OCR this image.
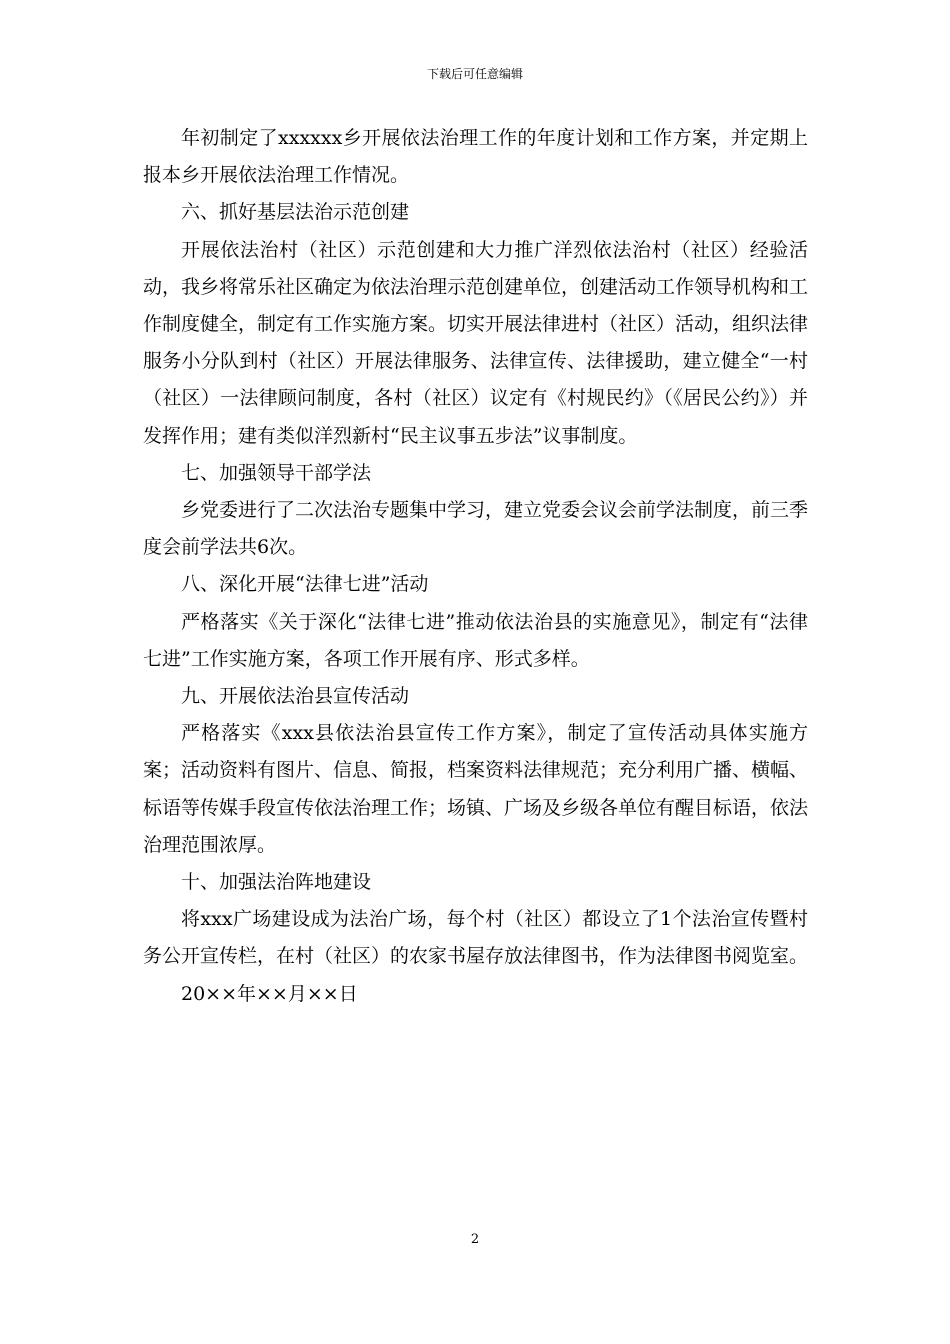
下载后可任意编辑

年初制定了xxxxxx乡开展依法治理工作的年度计划和工作方案，并定期上报本乡开展依法治理工作情况。

六、抓好基层法治示范创建

开展依法治村（社区）示范创建和大力推广洋烈依法治村（社区）经验活动，我乡将常乐社区确定为依法治理示范创建单位，创建活动工作领导机构和工作制度健全，制定有工作实施方案。切实开展法律进村（社区）活动，组织法律服务小分队到村（社区）开展法律服务、法律宣传、法律援助，建立健全“一村（社区）一法律顾问制度，各村（社区）议定有《村规民约》（《居民公约》）并发挥作用；建有类似洋烈新村“民主议事五步法”议事制度。

七、加强领导干部学法

乡党委进行了二次法治专题集中学习，建立党委会议会前学法制度，前三季度会前学法共6次。

八、深化开展“法律七进”活动

严格落实《关于深化“法律七进”推动依法治县的实施意见》，制定有“法律七进”工作实施方案，各项工作开展有序、形式多样。

九、开展依法治县宣传活动

严格落实《xxx县依法治县宣传工作方案》，制定了宣传活动具体实施方案；活动资料有图片、信息、简报，档案资料法律规范；充分利用广播、横幅、标语等传媒手段宣传依法治理工作；场镇、广场及乡级各单位有醒目标语，依法治理范围浓厚。

十、加强法治阵地建设

将xxx广场建设成为法治广场，每个村（社区）都设立了1个法治宣传暨村务公开宣传栏，在村（社区）的农家书屋存放法律图书，作为法律图书阅览室。

20××年××月××日

2
